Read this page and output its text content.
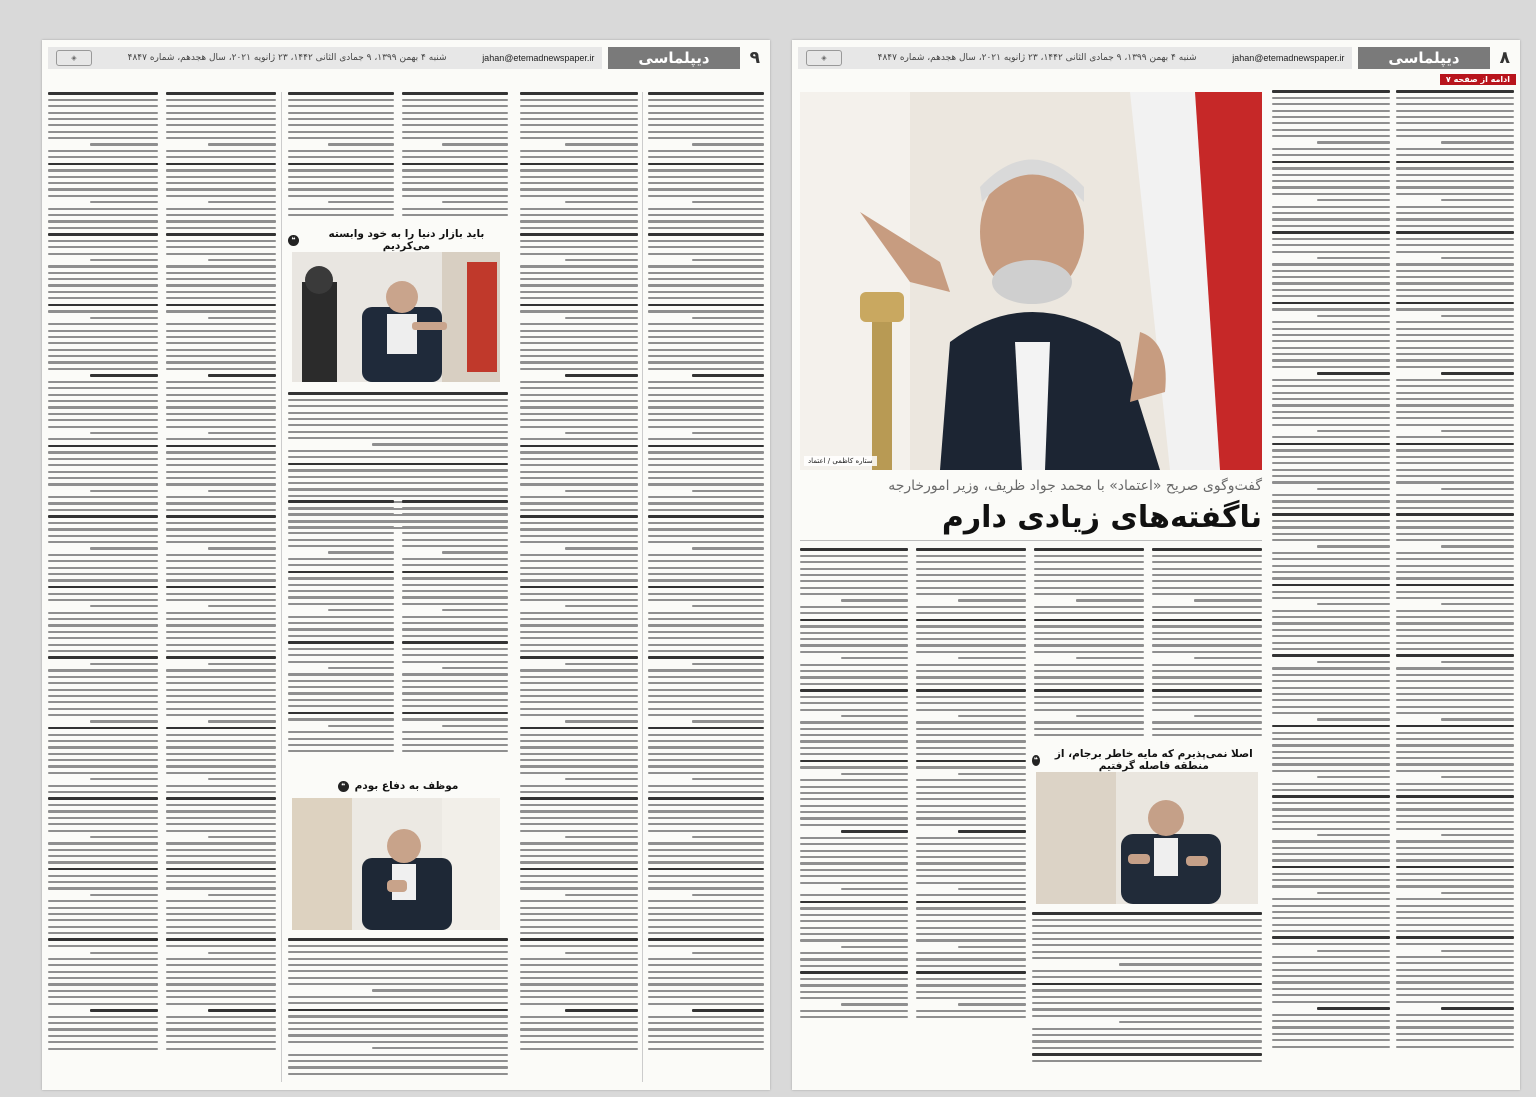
۹
دیپلماسی
jahan@etemadnewspaper.ir
شنبه ۴ بهمن ۱۳۹۹، ۹ جمادی الثانی ۱۴۴۲، ۲۳ ژانویه ۲۰۲۱، سال هجدهم، شماره ۴۸۴۷
◈
باید بازار دنیا را به خود وابسته می‌کردیم
❝
موظف به دفاع بودم
❝
۸
دیپلماسی
jahan@etemadnewspaper.ir
شنبه ۴ بهمن ۱۳۹۹، ۹ جمادی الثانی ۱۴۴۲، ۲۳ ژانویه ۲۰۲۱، سال هجدهم، شماره ۴۸۴۷
◈
ادامه از صفحه ۷
ستاره کاظمی / اعتماد
گفت‌وگوی صریح «اعتماد» با محمد جواد ظریف، وزیر امورخارجه
ناگفته‌های زیادی دارم
اصلا نمی‌پذیرم که مایه خاطر برجام، از منطقه فاصله گرفتیم
❝
